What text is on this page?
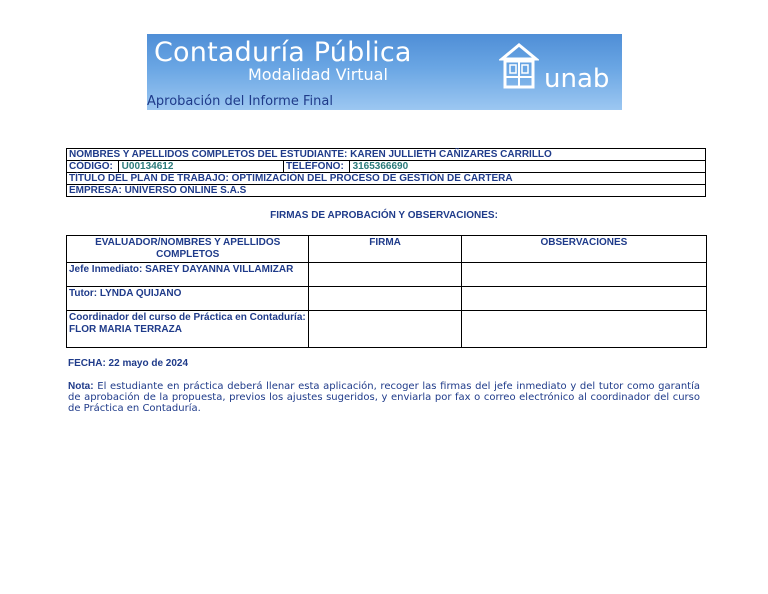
Contaduría Pública
Modalidad Virtual
Aprobación del Informe Final
unab
NOMBRES Y APELLIDOS COMPLETOS DEL ESTUDIANTE: KAREN JULLIETH CAÑIZARES CARRILLO
CÓDIGO: U00134612	TELÉFONO: 3165366690
TÍTULO DEL PLAN DE TRABAJO: OPTIMIZACIÓN DEL PROCESO DE GESTIÓN DE CARTERA
EMPRESA: UNIVERSO ONLINE S.A.S
FIRMAS DE APROBACIÓN Y OBSERVACIONES:
EVALUADOR/NOMBRES Y APELLIDOS COMPLETOS	FIRMA	OBSERVACIONES
Jefe Inmediato: SAREY DAYANNA VILLAMIZAR		
Tutor: LYNDA QUIJANO		
Coordinador del curso de Práctica en Contaduría: FLOR MARIA TERRAZA		
FECHA: 22 mayo de 2024
Nota: El estudiante en práctica deberá llenar esta aplicación, recoger las firmas del jefe inmediato y del tutor como garantía de aprobación de la propuesta, previos los ajustes sugeridos, y enviarla por fax o correo electrónico al coordinador del curso de Práctica en Contaduría.
